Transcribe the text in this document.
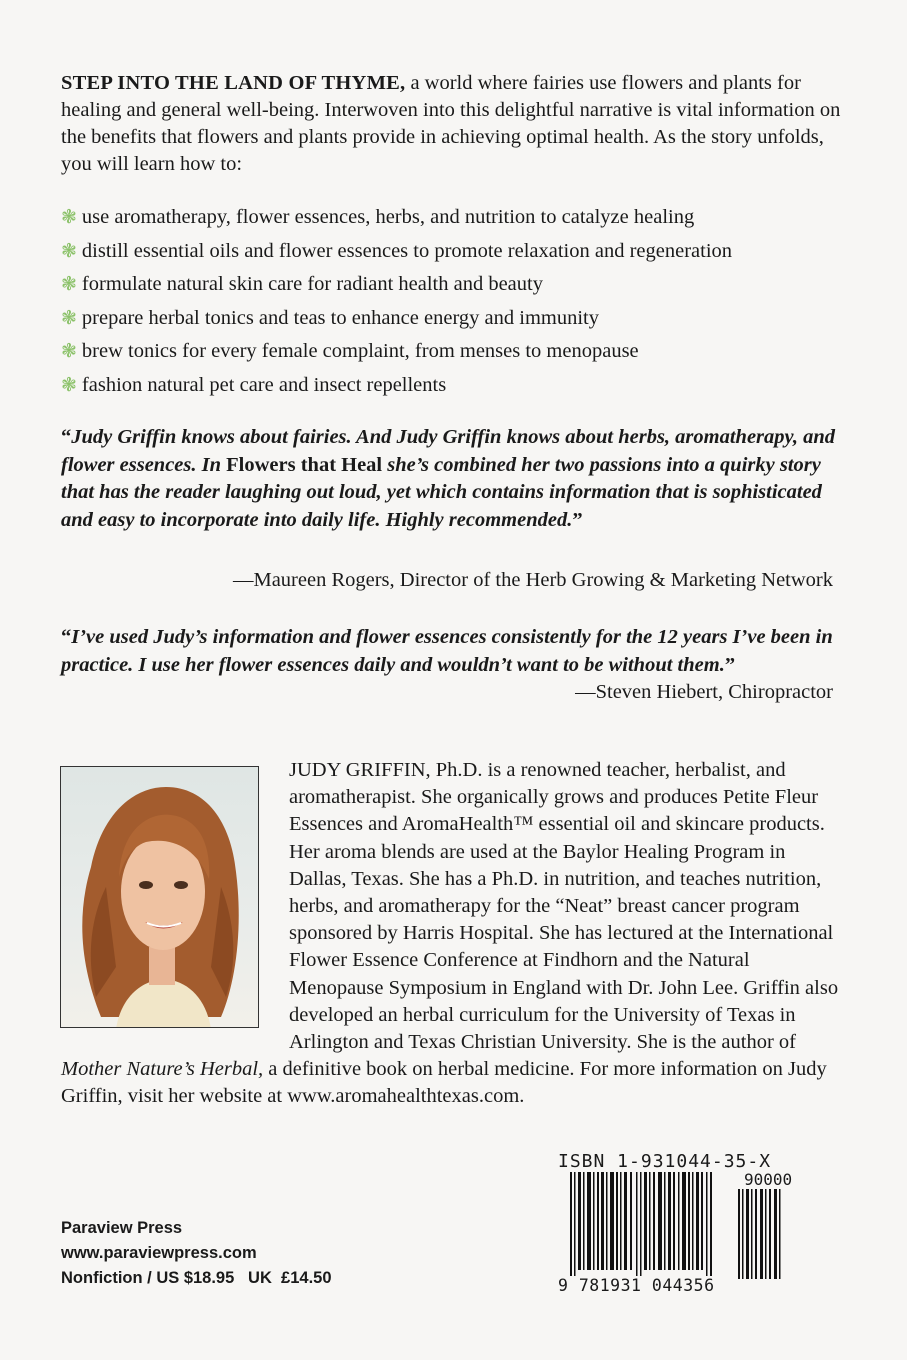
STEP INTO THE LAND OF THYME, a world where fairies use flowers and plants for healing and general well-being. Interwoven into this delightful narrative is vital information on the benefits that flowers and plants provide in achieving optimal health. As the story unfolds, you will learn how to:

❃ use aromatherapy, flower essences, herbs, and nutrition to catalyze healing
❃ distill essential oils and flower essences to promote relaxation and regeneration
❃ formulate natural skin care for radiant health and beauty
❃ prepare herbal tonics and teas to enhance energy and immunity
❃ brew tonics for every female complaint, from menses to menopause
❃ fashion natural pet care and insect repellents

“Judy Griffin knows about fairies. And Judy Griffin knows about herbs, aromatherapy, and flower essences. In Flowers that Heal she’s combined her two passions into a quirky story that has the reader laughing out loud, yet which contains information that is sophisticated and easy to incorporate into daily life. Highly recommended.”

—Maureen Rogers, Director of the Herb Growing & Marketing Network

“I’ve used Judy’s information and flower essences consistently for the 12 years I’ve been in practice. I use her flower essences daily and wouldn’t want to be without them.”

—Steven Hiebert, Chiropractor

JUDY GRIFFIN, Ph.D. is a renowned teacher, herbalist, and aromatherapist. She organically grows and produces Petite Fleur Essences and AromaHealth™ essential oil and skincare products. Her aroma blends are used at the Baylor Healing Program in Dallas, Texas. She has a Ph.D. in nutrition, and teaches nutrition, herbs, and aromatherapy for the “Neat” breast cancer program sponsored by Harris Hospital. She has lectured at the International Flower Essence Conference at Findhorn and the Natural Menopause Symposium in England with Dr. John Lee. Griffin also developed an herbal curriculum for the University of Texas in Arlington and Texas Christian University. She is the author of Mother Nature’s Herbal, a definitive book on herbal medicine. For more information on Judy Griffin, visit her website at www.aromahealthtexas.com.

ISBN 1-931044-35-X
90000
9 781931 044356
Paraview Press
www.paraviewpress.com
Nonfiction / US $18.95   UK  £14.50
